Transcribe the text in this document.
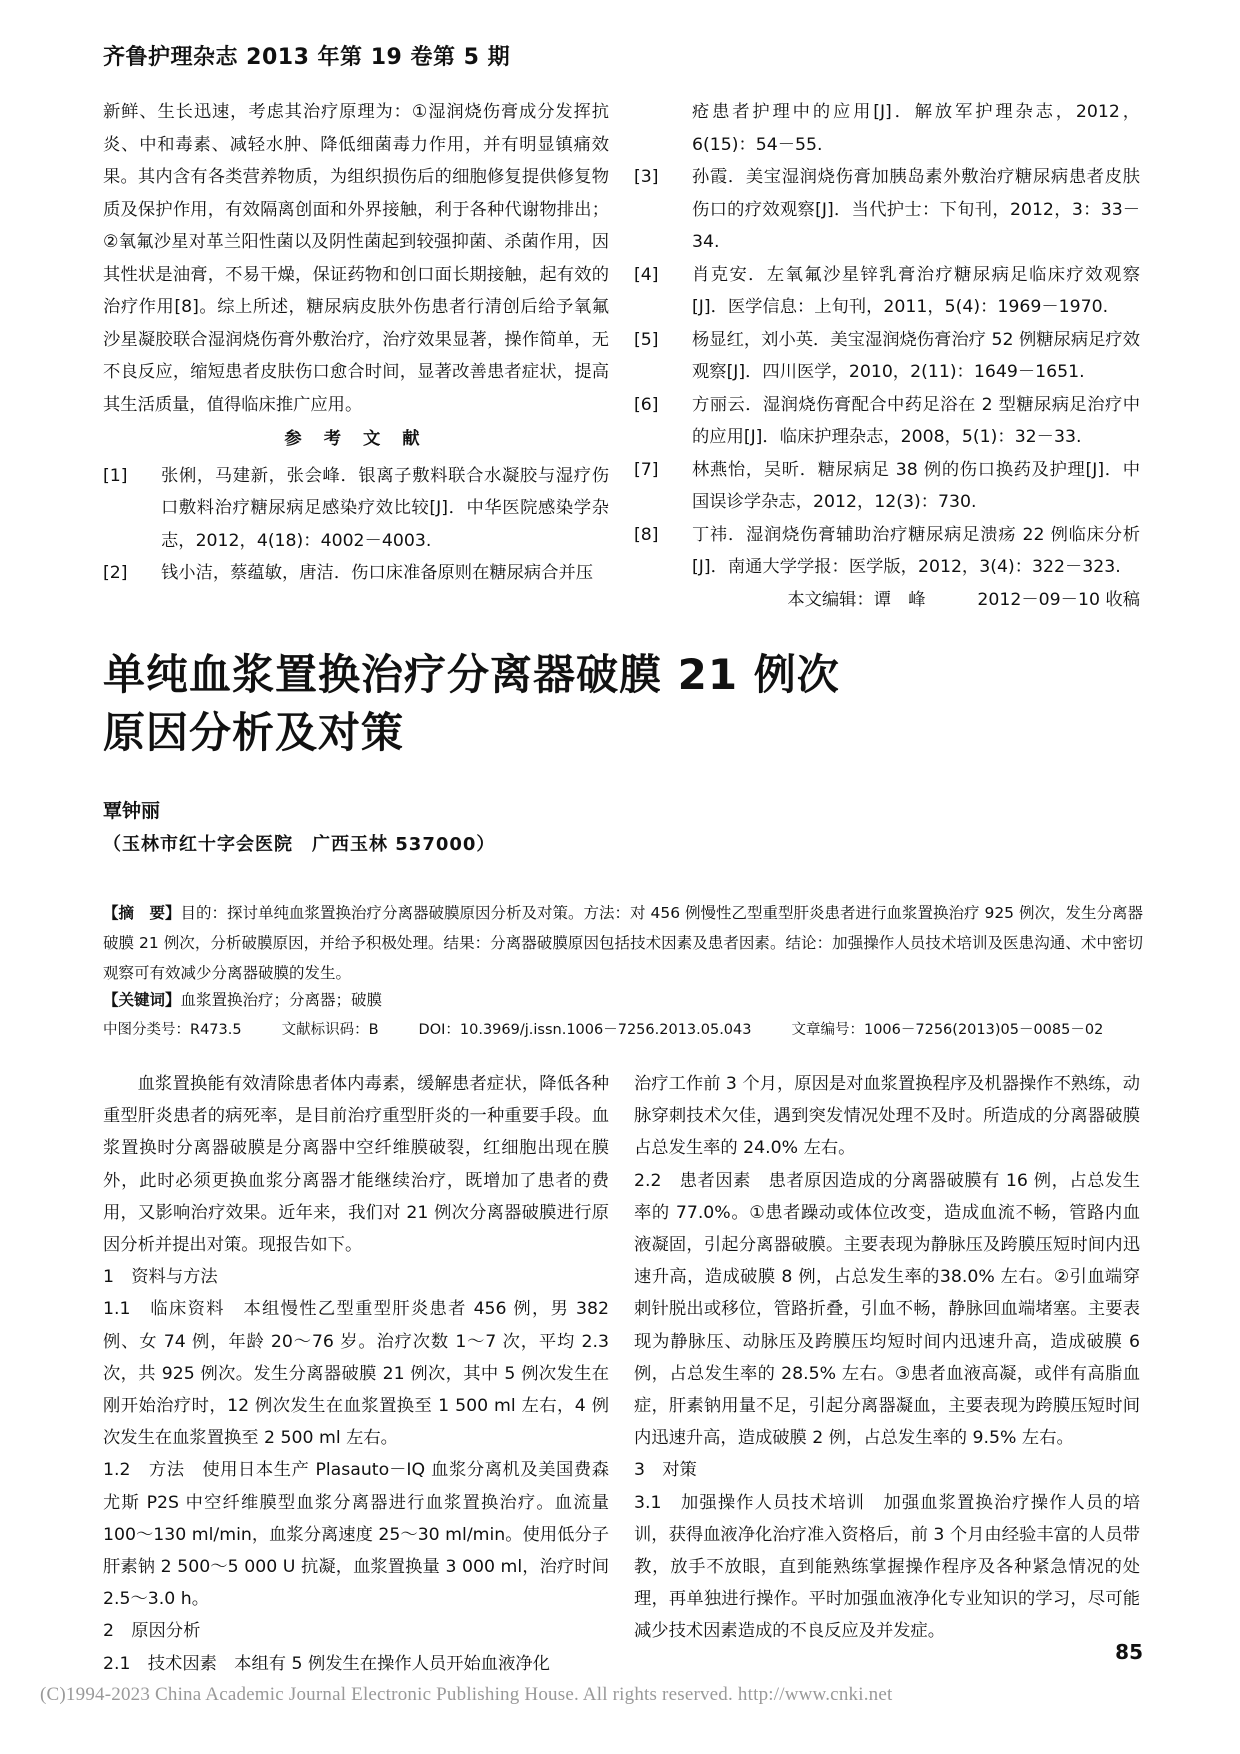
齐鲁护理杂志 2013 年第 19 卷第 5 期

新鲜、生长迅速，考虑其治疗原理为：①湿润烧伤膏成分发挥抗炎、中和毒素、减轻水肿、降低细菌毒力作用，并有明显镇痛效果。其内含有各类营养物质，为组织损伤后的细胞修复提供修复物质及保护作用，有效隔离创面和外界接触，利于各种代谢物排出；②氧氟沙星对革兰阳性菌以及阴性菌起到较强抑菌、杀菌作用，因其性状是油膏，不易干燥，保证药物和创口面长期接触，起有效的治疗作用[8]。综上所述，糖尿病皮肤外伤患者行清创后给予氧氟沙星凝胶联合湿润烧伤膏外敷治疗，治疗效果显著，操作简单，无不良反应，缩短患者皮肤伤口愈合时间，显著改善患者症状，提高其生活质量，值得临床推广应用。

参 考 文 献
[1]	张俐，马建新，张会峰．银离子敷料联合水凝胶与湿疗伤口敷料治疗糖尿病足感染疗效比较[J]．中华医院感染学杂志，2012，4(18)：4002－4003.
[2]	钱小洁，蔡蕴敏，唐洁．伤口床准备原则在糖尿病合并压
疮患者护理中的应用[J]．解放军护理杂志，2012，6(15)：54－55.
[3]	孙霞．美宝湿润烧伤膏加胰岛素外敷治疗糖尿病患者皮肤伤口的疗效观察[J]．当代护士：下旬刊，2012，3：33－34.
[4]	肖克安．左氧氟沙星锌乳膏治疗糖尿病足临床疗效观察[J]．医学信息：上旬刊，2011，5(4)：1969－1970.
[5]	杨显红，刘小英．美宝湿润烧伤膏治疗 52 例糖尿病足疗效观察[J]．四川医学，2010，2(11)：1649－1651.
[6]	方丽云．湿润烧伤膏配合中药足浴在 2 型糖尿病足治疗中的应用[J]．临床护理杂志，2008，5(1)：32－33.
[7]	林燕怡，吴昕．糖尿病足 38 例的伤口换药及护理[J]．中国误诊学杂志，2012，12(3)：730.
[8]	丁祎．湿润烧伤膏辅助治疗糖尿病足溃疡 22 例临床分析[J]．南通大学学报：医学版，2012，3(4)：322－323.
本文编辑：谭　峰　　　2012－09－10 收稿
单纯血浆置换治疗分离器破膜 21 例次
原因分析及对策
覃钟丽
（玉林市红十字会医院　广西玉林 537000）
【摘　要】目的：探讨单纯血浆置换治疗分离器破膜原因分析及对策。方法：对 456 例慢性乙型重型肝炎患者进行血浆置换治疗 925 例次，发生分离器破膜 21 例次，分析破膜原因，并给予积极处理。结果：分离器破膜原因包括技术因素及患者因素。结论：加强操作人员技术培训及医患沟通、术中密切观察可有效减少分离器破膜的发生。
【关键词】血浆置换治疗；分离器；破膜
中图分类号：R473.5	文献标识码：B	DOI：10.3969/j.issn.1006－7256.2013.05.043	文章编号：1006－7256(2013)05－0085－02

血浆置换能有效清除患者体内毒素，缓解患者症状，降低各种重型肝炎患者的病死率，是目前治疗重型肝炎的一种重要手段。血浆置换时分离器破膜是分离器中空纤维膜破裂，红细胞出现在膜外，此时必须更换血浆分离器才能继续治疗，既增加了患者的费用，又影响治疗效果。近年来，我们对 21 例次分离器破膜进行原因分析并提出对策。现报告如下。

1　资料与方法

1.1　临床资料　本组慢性乙型重型肝炎患者 456 例，男 382 例、女 74 例，年龄 20～76 岁。治疗次数 1～7 次，平均 2.3 次，共 925 例次。发生分离器破膜 21 例次，其中 5 例次发生在刚开始治疗时，12 例次发生在血浆置换至 1 500 ml 左右，4 例次发生在血浆置换至 2 500 ml 左右。

1.2　方法　使用日本生产 Plasauto－IQ 血浆分离机及美国费森尤斯 P2S 中空纤维膜型血浆分离器进行血浆置换治疗。血流量 100～130 ml/min，血浆分离速度 25～30 ml/min。使用低分子肝素钠 2 500～5 000 U 抗凝，血浆置换量 3 000 ml，治疗时间 2.5～3.0 h。

2　原因分析

2.1　技术因素　本组有 5 例发生在操作人员开始血液净化

治疗工作前 3 个月，原因是对血浆置换程序及机器操作不熟练，动脉穿刺技术欠佳，遇到突发情况处理不及时。所造成的分离器破膜占总发生率的 24.0% 左右。

2.2　患者因素　患者原因造成的分离器破膜有 16 例，占总发生率的 77.0%。①患者躁动或体位改变，造成血流不畅，管路内血液凝固，引起分离器破膜。主要表现为静脉压及跨膜压短时间内迅速升高，造成破膜 8 例，占总发生率的38.0% 左右。②引血端穿刺针脱出或移位，管路折叠，引血不畅，静脉回血端堵塞。主要表现为静脉压、动脉压及跨膜压均短时间内迅速升高，造成破膜 6 例，占总发生率的 28.5% 左右。③患者血液高凝，或伴有高脂血症，肝素钠用量不足，引起分离器凝血，主要表现为跨膜压短时间内迅速升高，造成破膜 2 例，占总发生率的 9.5% 左右。

3　对策

3.1　加强操作人员技术培训　加强血浆置换治疗操作人员的培训，获得血液净化治疗准入资格后，前 3 个月由经验丰富的人员带教，放手不放眼，直到能熟练掌握操作程序及各种紧急情况的处理，再单独进行操作。平时加强血液净化专业知识的学习，尽可能减少技术因素造成的不良反应及并发症。

85
(C)1994-2023 China Academic Journal Electronic Publishing House. All rights reserved. http://www.cnki.net
